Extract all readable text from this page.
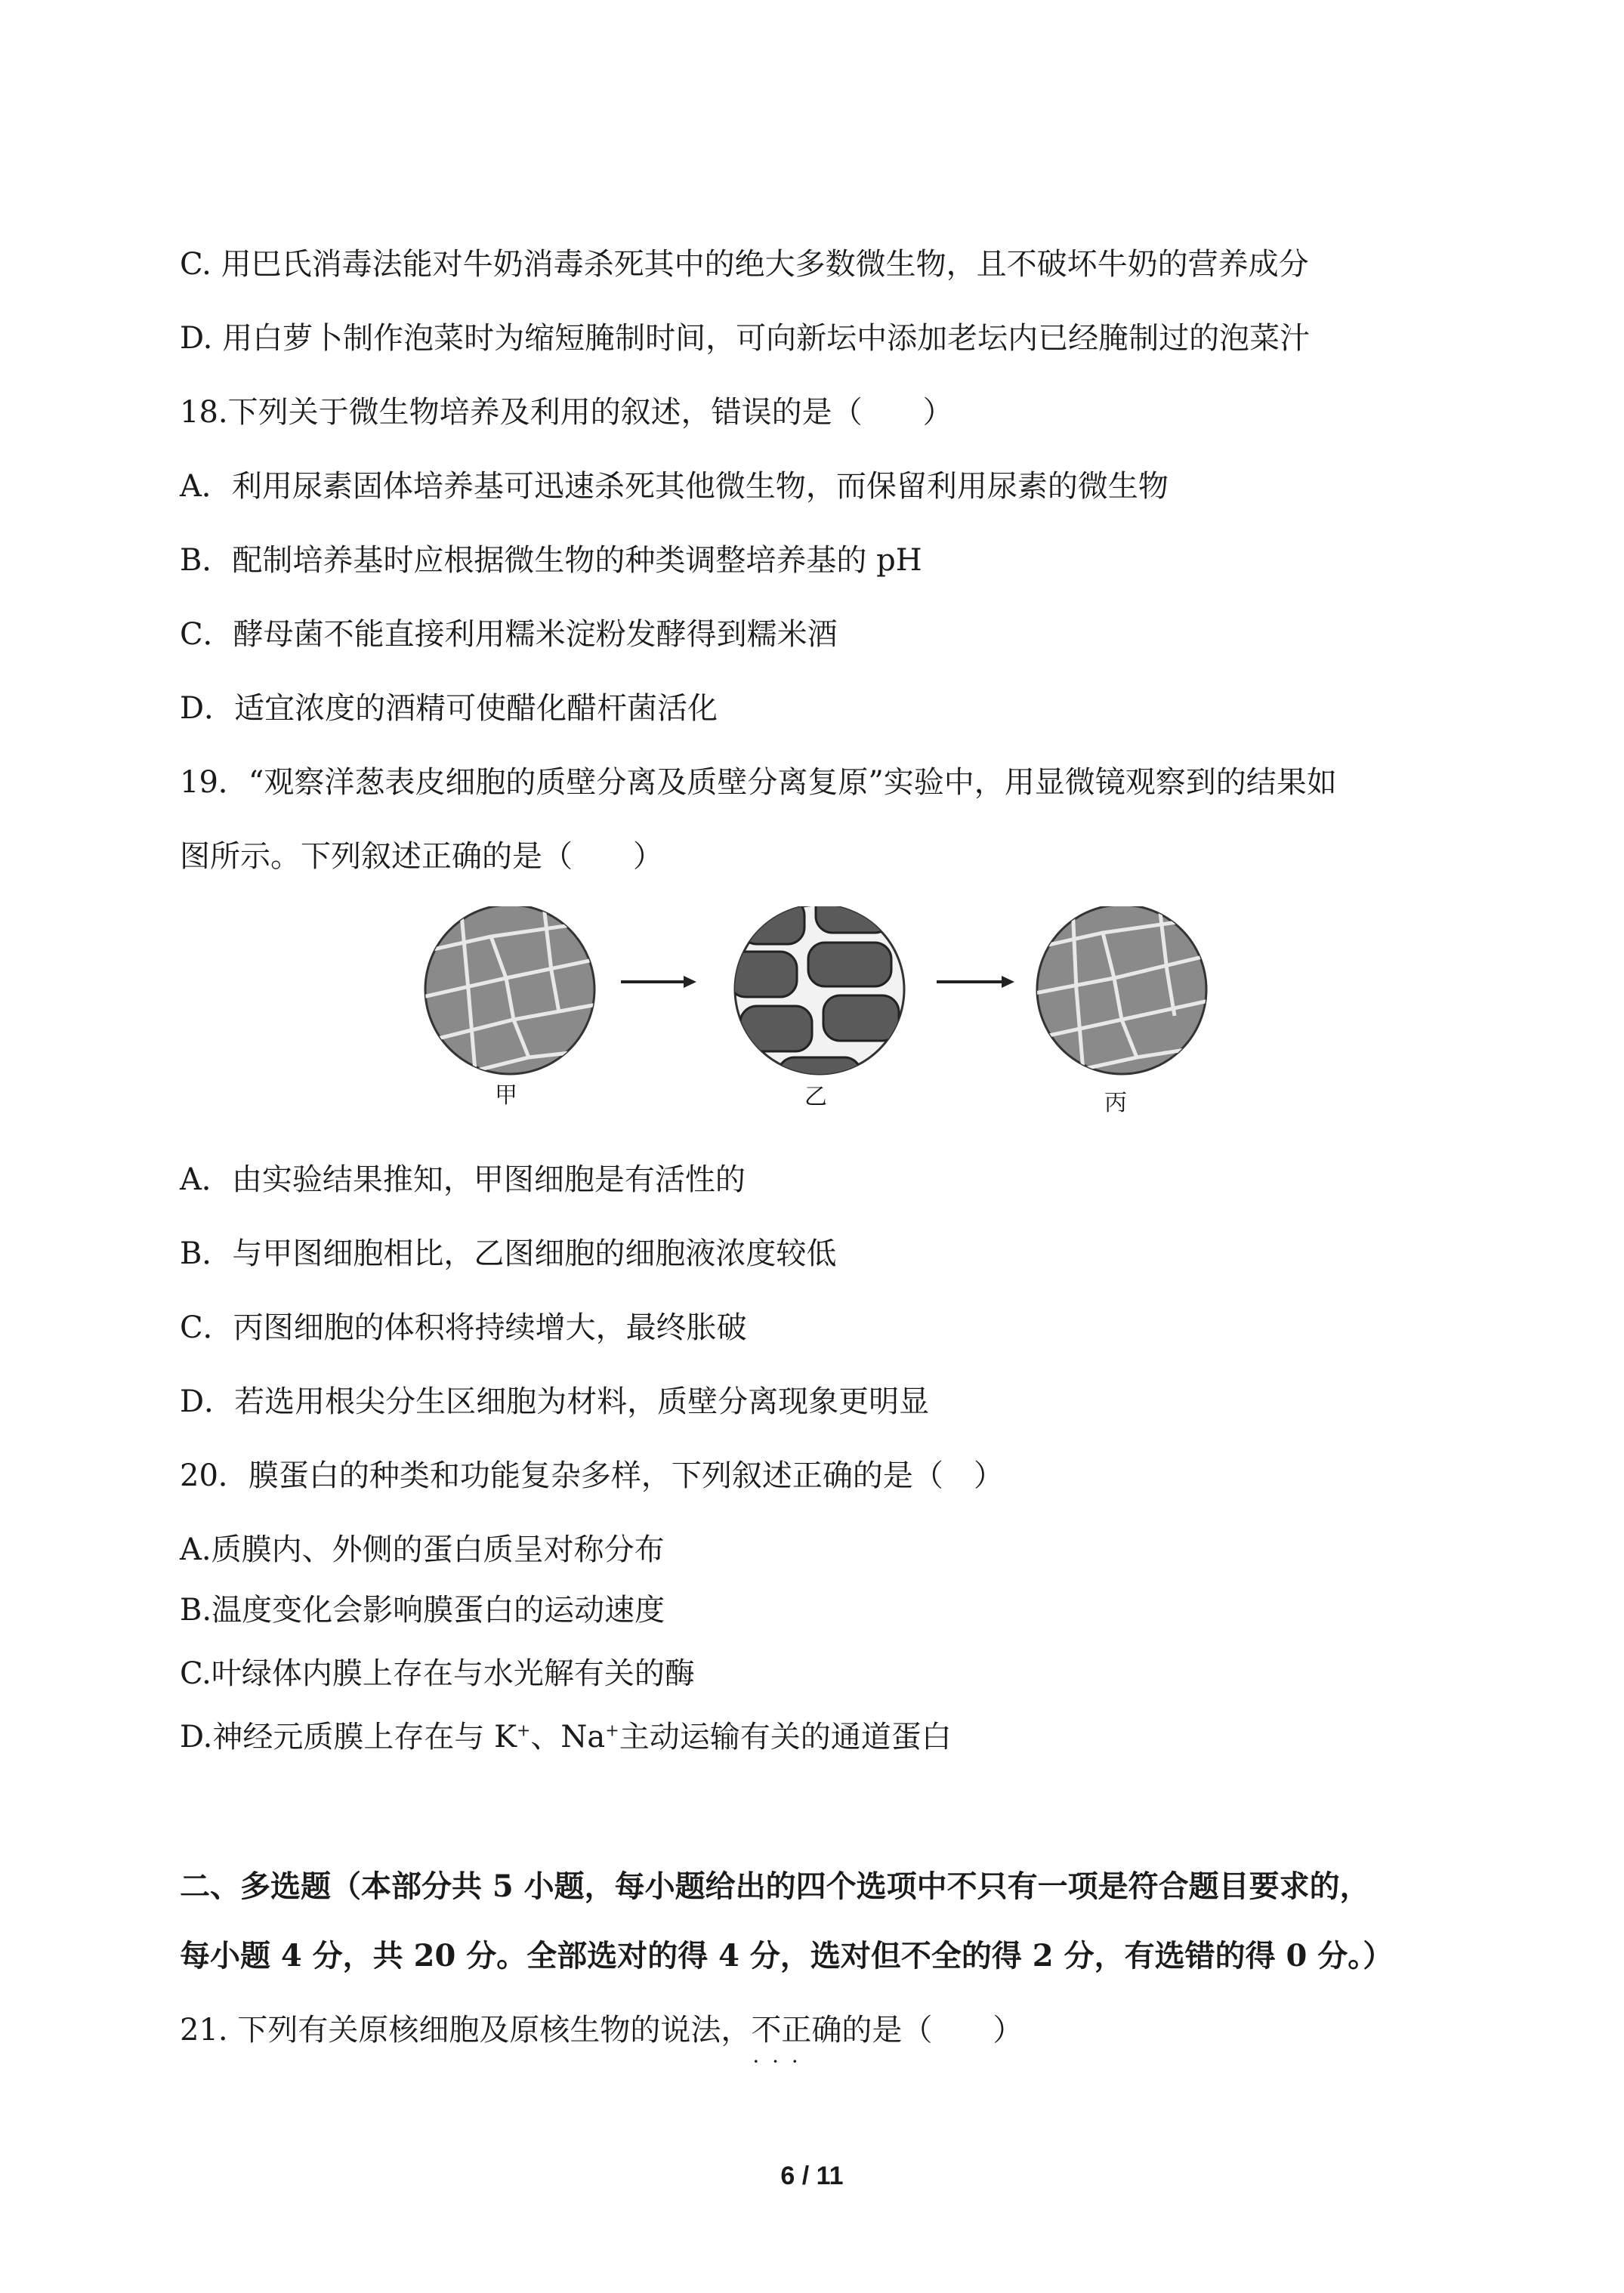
C. 用巴氏消毒法能对牛奶消毒杀死其中的绝大多数微生物，且不破坏牛奶的营养成分
D. 用白萝卜制作泡菜时为缩短腌制时间，可向新坛中添加老坛内已经腌制过的泡菜汁
18.下列关于微生物培养及利用的叙述，错误的是（　　）
A．利用尿素固体培养基可迅速杀死其他微生物，而保留利用尿素的微生物
B．配制培养基时应根据微生物的种类调整培养基的 pH
C．酵母菌不能直接利用糯米淀粉发酵得到糯米酒
D．适宜浓度的酒精可使醋化醋杆菌活化
19．“观察洋葱表皮细胞的质壁分离及质壁分离复原”实验中，用显微镜观察到的结果如
图所示。下列叙述正确的是（　　）
甲	乙	丙
A．由实验结果推知，甲图细胞是有活性的
B．与甲图细胞相比，乙图细胞的细胞液浓度较低
C．丙图细胞的体积将持续增大，最终胀破
D．若选用根尖分生区细胞为材料，质壁分离现象更明显
20．膜蛋白的种类和功能复杂多样，下列叙述正确的是（　）
A.质膜内、外侧的蛋白质呈对称分布
B.温度变化会影响膜蛋白的运动速度
C.叶绿体内膜上存在与水光解有关的酶
D.神经元质膜上存在与 K+、Na+主动运输有关的通道蛋白
二、多选题（本部分共 5 小题，每小题给出的四个选项中不只有一项是符合题目要求的，
每小题 4 分，共 20 分。全部选对的得 4 分，选对但不全的得 2 分，有选错的得 0 分。）
21. 下列有关原核细胞及原核生物的说法，不正确 · · ·的是（　　）
6 / 11
